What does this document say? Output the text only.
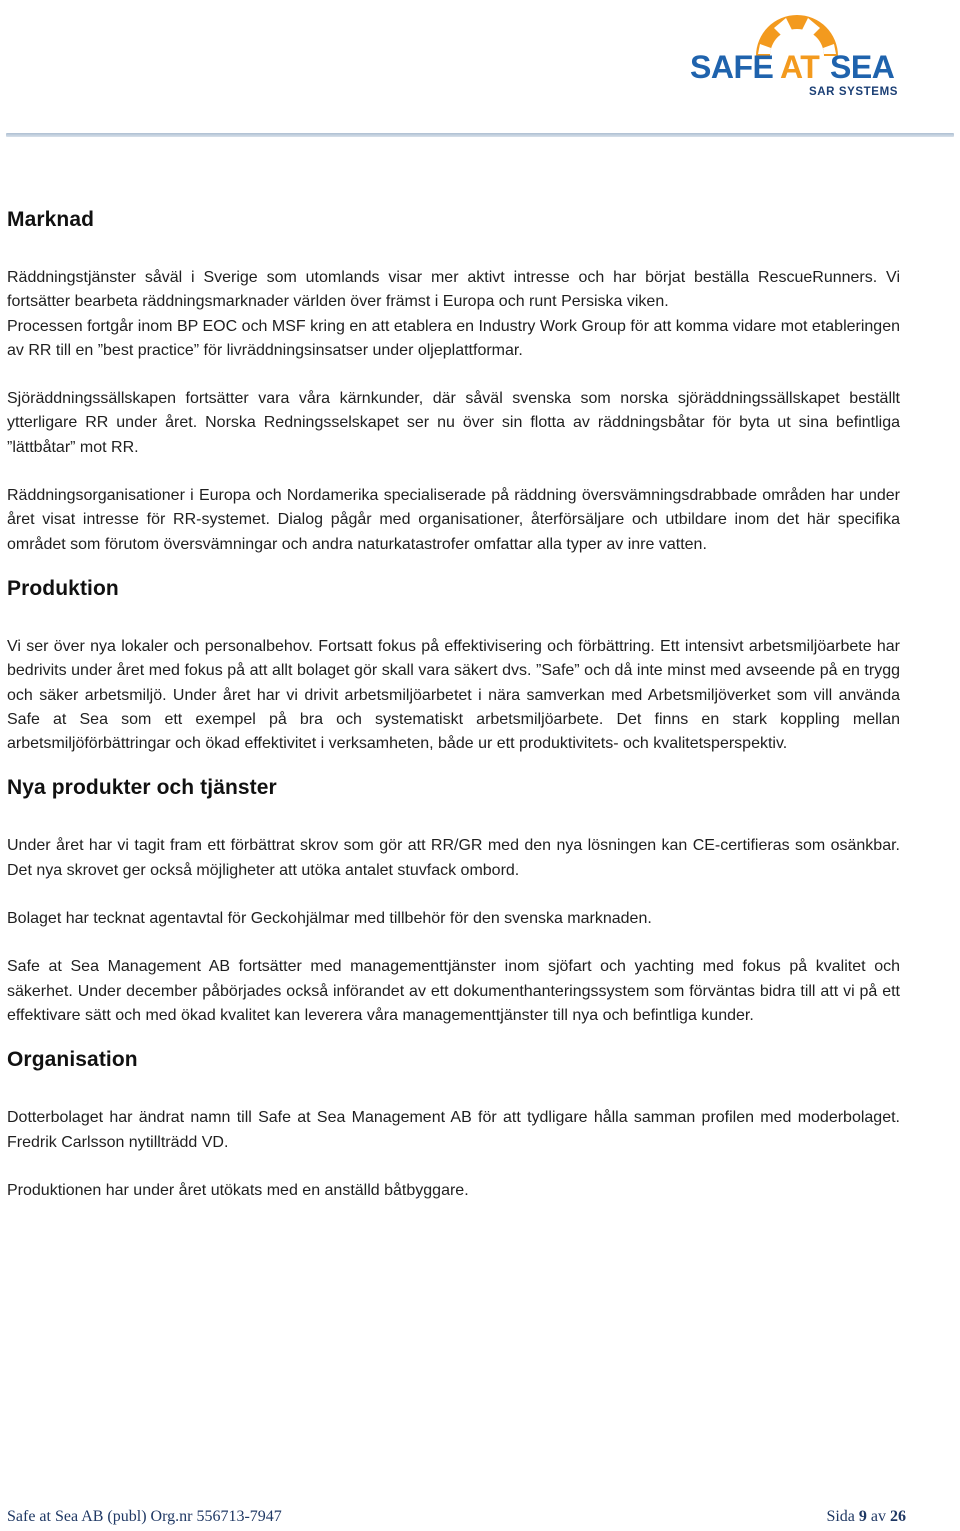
SAFE AT SEA
SAR SYSTEMS
Marknad

Räddningstjänster såväl i Sverige som utomlands visar mer aktivt intresse och har börjat beställa RescueRunners. Vi fortsätter bearbeta räddningsmarknader världen över främst i Europa och runt Persiska viken.

Processen fortgår inom BP EOC och MSF kring en att etablera en Industry Work Group för att komma vidare mot etableringen av RR till en ”best practice” för livräddningsinsatser under oljeplattformar.

Sjöräddningssällskapen fortsätter vara våra kärnkunder, där såväl svenska som norska sjöräddningssällskapet beställt ytterligare RR under året. Norska Redningsselskapet ser nu över sin flotta av räddningsbåtar för byta ut sina befintliga ”lättbåtar” mot RR.

Räddningsorganisationer i Europa och Nordamerika specialiserade på räddning översvämningsdrabbade områden har under året visat intresse för RR-systemet. Dialog pågår med organisationer, återförsäljare och utbildare inom det här specifika området som förutom översvämningar och andra naturkatastrofer omfattar alla typer av inre vatten.

Produktion

Vi ser över nya lokaler och personalbehov. Fortsatt fokus på effektivisering och förbättring. Ett intensivt arbetsmiljöarbete har bedrivits under året med fokus på att allt bolaget gör skall vara säkert dvs. ”Safe” och då inte minst med avseende på en trygg och säker arbetsmiljö. Under året har vi drivit arbetsmiljöarbetet i nära samverkan med Arbetsmiljöverket som vill använda Safe at Sea som ett exempel på bra och systematiskt arbetsmiljöarbete. Det finns en stark koppling mellan arbetsmiljöförbättringar och ökad effektivitet i verksamheten, både ur ett produktivitets- och kvalitetsperspektiv.

Nya produkter och tjänster

Under året har vi tagit fram ett förbättrat skrov som gör att RR/GR med den nya lösningen kan CE-certifieras som osänkbar. Det nya skrovet ger också möjligheter att utöka antalet stuvfack ombord.

Bolaget har tecknat agentavtal för Geckohjälmar med tillbehör för den svenska marknaden.

Safe at Sea Management AB fortsätter med managementtjänster inom sjöfart och yachting med fokus på kvalitet och säkerhet. Under december påbörjades också införandet av ett dokumenthanteringssystem som förväntas bidra till att vi på ett effektivare sätt och med ökad kvalitet kan leverera våra managementtjänster till nya och befintliga kunder.

Organisation

Dotterbolaget har ändrat namn till Safe at Sea Management AB för att tydligare hålla samman profilen med moderbolaget. Fredrik Carlsson nytillträdd VD.

Produktionen har under året utökats med en anställd båtbyggare.

Safe at Sea AB (publ) Org.nr 556713-7947	Sida 9 av 26
